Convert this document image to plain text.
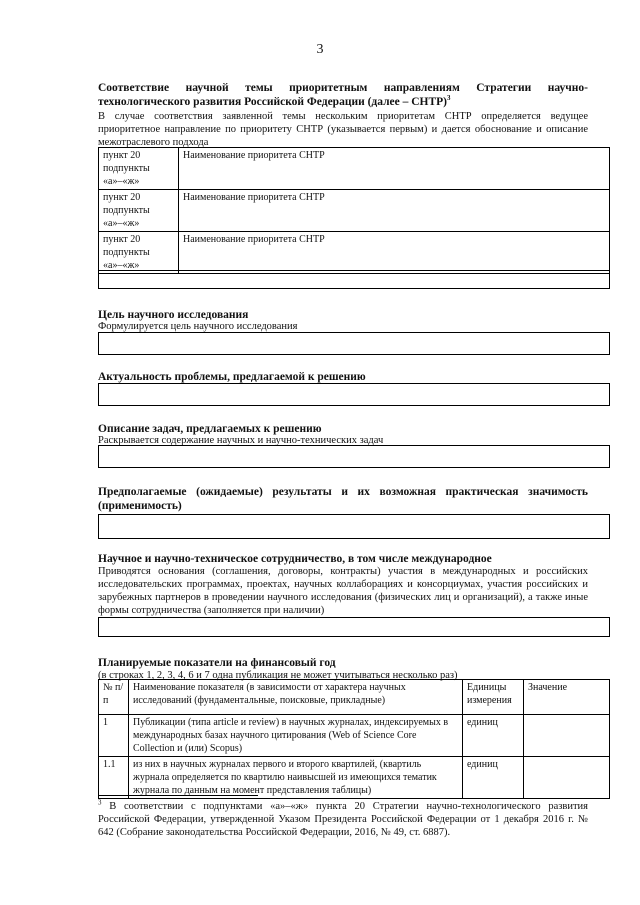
3
Соответствие научной темы приоритетным направлениям Стратегии научно-
технологического развития Российской Федерации (далее – СНТР)$^3$
В случае соответствия заявленной темы нескольким приоритетам СНТР определяется ведущее приоритетное направление по приоритету СНТР (указывается первым) и дается обоснование и описание межотраслевого подхода
пункт 20 подпункты «а»–«ж»	Наименование приоритета СНТР
пункт 20 подпункты «а»–«ж»	Наименование приоритета СНТР
пункт 20 подпункты «а»–«ж»	Наименование приоритета СНТР
Цель научного исследования
Формулируется цель научного исследования
Актуальность проблемы, предлагаемой к решению
Описание задач, предлагаемых к решению
Раскрывается содержание научных и научно-технических задач
Предполагаемые (ожидаемые) результаты и их возможная практическая значимость
(применимость)
Научное и научно-техническое сотрудничество, в том числе международное
Приводятся основания (соглашения, договоры, контракты) участия в международных и российских исследовательских программах, проектах, научных коллаборациях и консорциумах, участия российских и зарубежных партнеров в проведении научного исследования (физических лиц и организаций), а также иные формы сотрудничества (заполняется при наличии)
Планируемые показатели на финансовый год
(в строках 1, 2, 3, 4, 6 и 7 одна публикация не может учитываться несколько раз)
№ п/п	Наименование показателя (в зависимости от характера научных исследований (фундаментальные, поисковые, прикладные)	Единицы измерения	Значение
1	Публикации (типа article и review) в научных журналах, индексируемых в международных базах научного цитирования (Web of Science Core Collection и (или) Scopus)	единиц	
1.1	из них в научных журналах первого и второго квартилей, (квартиль журнала определяется по квартилю наивысшей из имеющихся тематик журнала по данным на момент представления таблицы)	единиц	
$^3$ В соответствии с подпунктами «а»–«ж» пункта 20 Стратегии научно-технологического развития Российской Федерации, утвержденной Указом Президента Российской Федерации от 1 декабря 2016 г. № 642 (Собрание законодательства Российской Федерации, 2016, № 49, ст. 6887).
